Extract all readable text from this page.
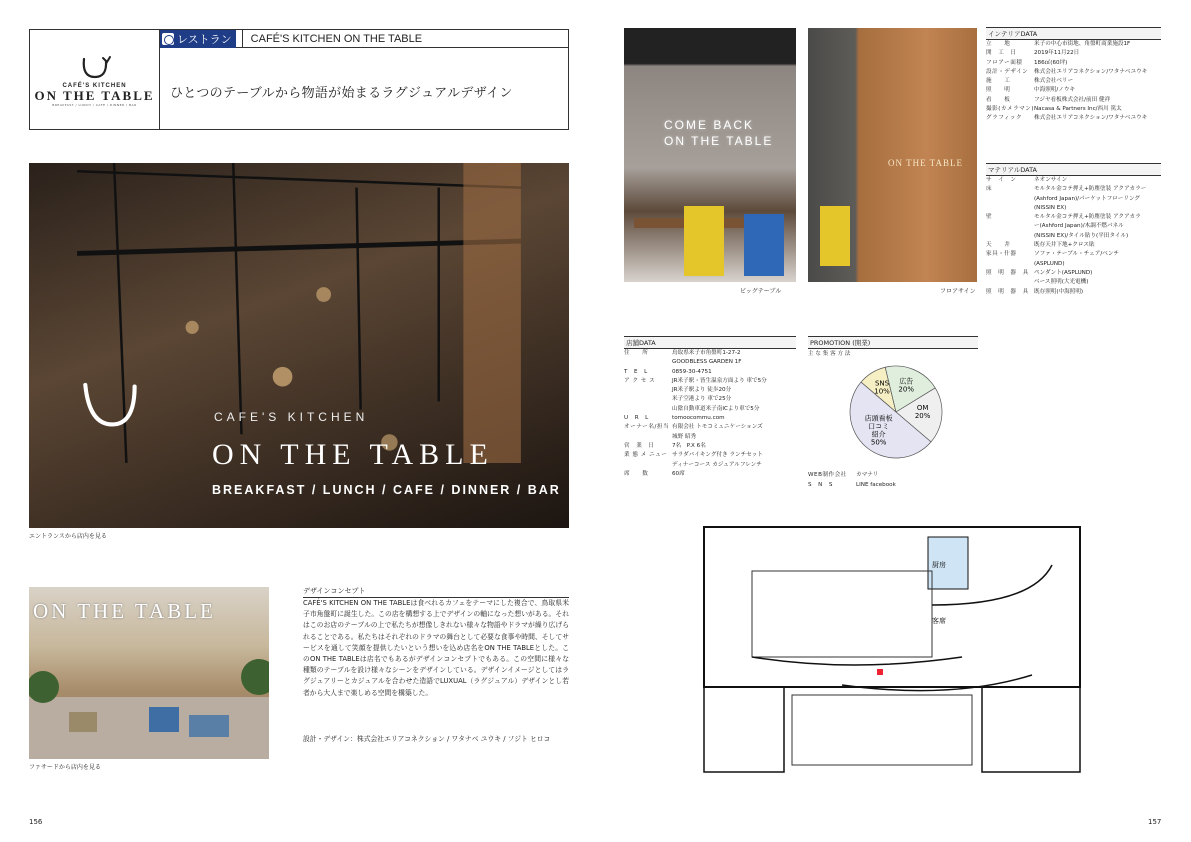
CAFÉ'S KITCHEN
ON THE TABLE
BREAKFAST / LUNCH / CAFE / DINNER / BAR
レストラン	CAFÉ'S KITCHEN ON THE TABLE
ひとつのテーブルから物語が始まるラグジュアルデザイン
CAFE'S KITCHEN
ON THE TABLE
BREAKFAST / LUNCH / CAFE / DINNER / BAR
エントランスから店内を見る
ON THE TABLE
ファサードから店内を見る
デザインコンセプト
CAFÉ'S KITCHEN ON THE TABLEは食べれるカフェをテーマにした複合で、鳥取県米子市角盤町に誕生した。この店を構想する上でデザインの軸になった想いがある。それはこのお店のテーブルの上で私たちが想像しきれない様々な物語やドラマが繰り広げられることである。私たちはそれぞれのドラマの舞台として必要な食事や時間、そしてサービスを通して笑顔を提供したいという想いを込め店名をON THE TABLEとした。このON THE TABLEは店名でもあるがデザインコンセプトでもある。この空間に様々な種類のテーブルを設け様々なシーンをデザインしている。デザインイメージとしてはラグジュアリーとカジュアルを合わせた造語でLUXUAL（ラグジュアル）デザインとし若者から大人まで楽しめる空間を構築した。
設計・デザイン：株式会社エリアコネクション / ワタナベ ユウキ / フジト ヒロコ
156
COME BACK
ON THE TABLE
ビッグテーブル
ON THE TABLE
フロアサイン
インテリアDATA
立　　地	米子の中心市街地、角盤町商業施設1F
開　工　日	2019年11月22日
フロアー面積	186㎡(60坪)
設計・デザイン	株式会社エリアコネクション/ワタナベユウキ
施　　工	株式会社ベリー
照　　明	中海照明/ノウキ
看　　板	フジヤ看板株式会社/前田 健祥
撮影(カメラマン) Nacasa & Partners Inc/西川 篤太
グラフィック	株式会社エリアコネクション/ワタナベユウキ
マテリアルDATA
サ　イ　ン	ネオンサイン
床	モルタル金コテ押え+防塵塗装 アクアカラー
(Ashford Japan)/パーケットフローリング
(NISSIN EX)
壁	モルタル金コテ押え+防塵塗装 アクアカラ
ー(Ashford Japan)/木調不燃パネル
(NISSIN EX)/タイル貼り(平田タイル)
天　　井	既存天井下地+クロス貼
家具・什器	ソファ・テーブル・チェア/ベンチ
(ASPLUND)
照　明　器　具 ペンダント(ASPLUND)
ベース照明(大光電機)
照　明　器　具 既存照明(中海照明)
店舗DATA
住　　所	鳥取県米子市角盤町1-27-2
GOODBLESS GARDEN 1F
T　E　L	0859-30-4751
ア ク セ ス	JR米子駅・皆生温泉方面より 車で5分
JR米子駅より 徒歩20分
米子空港より 車で25分
山陰自動車道米子南ICより車で5分
U　R　L	tomoocommu.com
オーナー名/担当 有限会社 トモコミュニケーションズ
城野 昭秀
営　業　日	7名　P.X 6名
業 態 メ ニュー サラダバイキング付き ランチセット
ディナーコース カジュアルフレンチ
席　　数	60席
PROMOTION (開業)
主 な 集 客 方 法
SNS
10%
広告
20%
OM
20%
店頭看板
口コミ
紹介
50%
WEB制作会社	カマナリ
S　N　S	LINE facebook
厨房
客席
157
